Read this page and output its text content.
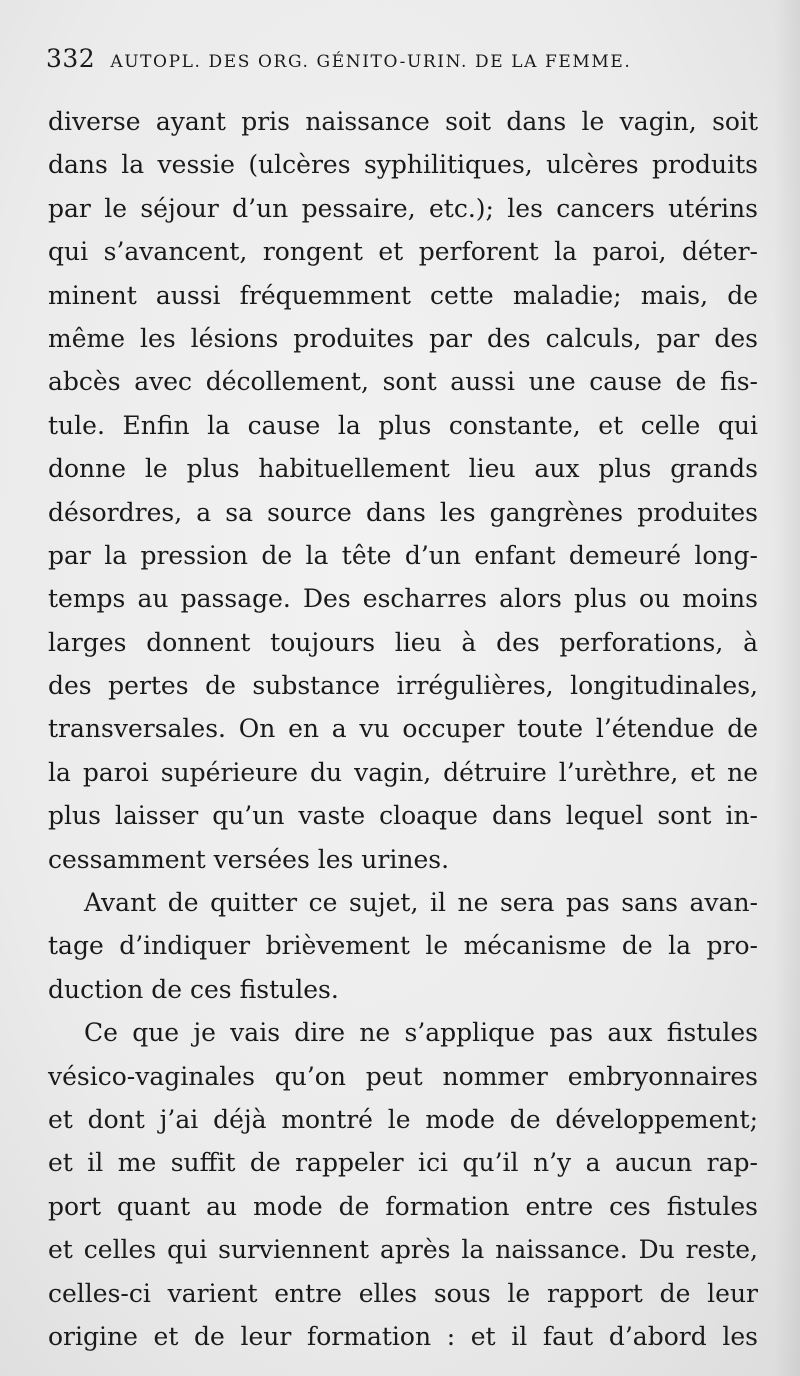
332 AUTOPL. DES ORG. GÉNITO-URIN. DE LA FEMME.
diverse ayant pris naissance soit dans le vagin, soit
dans la vessie (ulcères syphilitiques, ulcères produits
par le séjour d’un pessaire, etc.); les cancers utérins
qui s’avancent, rongent et perforent la paroi, déter-
minent aussi fréquemment cette maladie; mais, de
même les lésions produites par des calculs, par des
abcès avec décollement, sont aussi une cause de fis-
tule. Enfin la cause la plus constante, et celle qui
donne le plus habituellement lieu aux plus grands
désordres, a sa source dans les gangrènes produites
par la pression de la tête d’un enfant demeuré long-
temps au passage. Des escharres alors plus ou moins
larges donnent toujours lieu à des perforations, à
des pertes de substance irrégulières, longitudinales,
transversales. On en a vu occuper toute l’étendue de
la paroi supérieure du vagin, détruire l’urèthre, et ne
plus laisser qu’un vaste cloaque dans lequel sont in-
cessamment versées les urines.
Avant de quitter ce sujet, il ne sera pas sans avan-
tage d’indiquer brièvement le mécanisme de la pro-
duction de ces fistules.
Ce que je vais dire ne s’applique pas aux fistules
vésico-vaginales qu’on peut nommer embryonnaires
et dont j’ai déjà montré le mode de développement;
et il me suffit de rappeler ici qu’il n’y a aucun rap-
port quant au mode de formation entre ces fistules
et celles qui surviennent après la naissance. Du reste,
celles-ci varient entre elles sous le rapport de leur
origine et de leur formation : et il faut d’abord les
